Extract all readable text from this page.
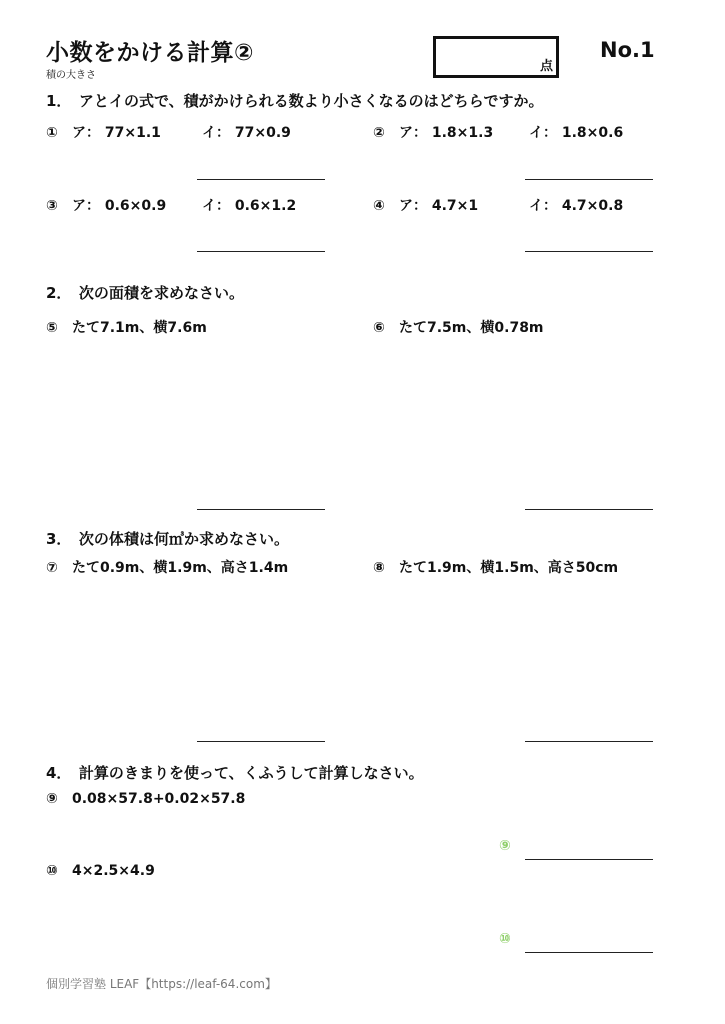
小数をかける計算②
積の大きさ
点
No.1
1．　アとイの式で、積がかけられる数より小さくなるのはどちらですか。
① ア： 77×1.1	イ： 77×0.9	② ア： 1.8×1.3	イ： 1.8×0.6
③ ア： 0.6×0.9	イ： 0.6×1.2	④ ア： 4.7×1	イ： 4.7×0.8
2．　次の面積を求めなさい。
⑤ たて7.1m、横7.6m	⑥ たて7.5m、横0.78m
3．　次の体積は何㎥か求めなさい。
⑦ たて0.9m、横1.9m、高さ1.4m	⑧ たて1.9m、横1.5m、高さ50cm
4．　計算のきまりを使って、くふうして計算しなさい。
⑨ 0.08×57.8+0.02×57.8
⑨
⑩ 4×2.5×4.9
⑩
個別学習塾 LEAF【https://leaf-64.com】
